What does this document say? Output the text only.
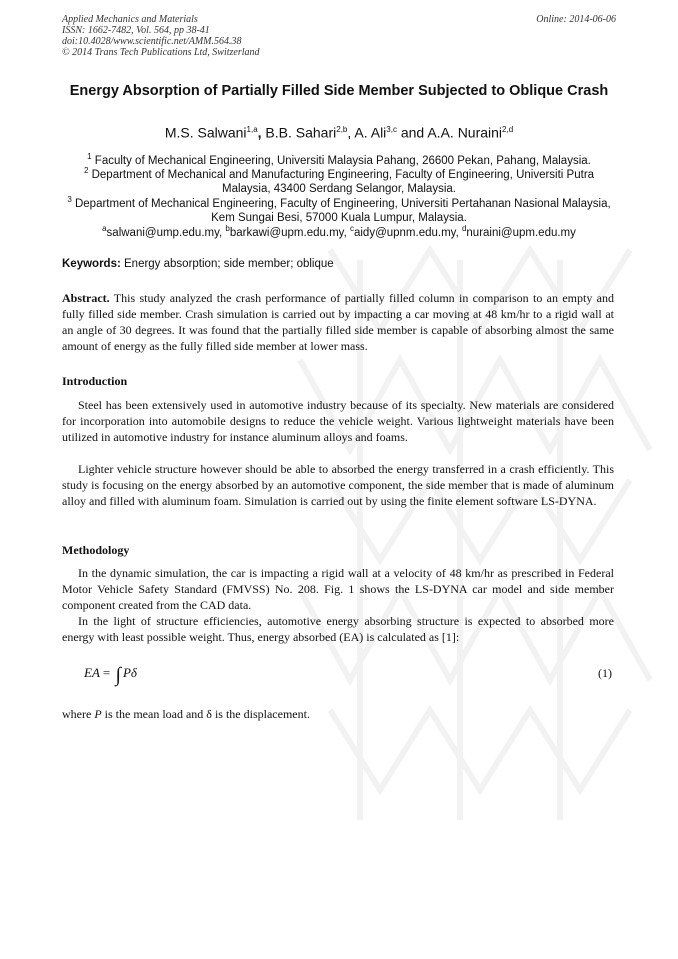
Applied Mechanics and Materials
ISSN: 1662-7482, Vol. 564, pp 38-41
doi:10.4028/www.scientific.net/AMM.564.38
© 2014 Trans Tech Publications Ltd, Switzerland
Online: 2014-06-06
Energy Absorption of Partially Filled Side Member Subjected to Oblique Crash
M.S. Salwani$^{1,a}$, B.B. Sahari$^{2,b}$, A. Ali$^{3,c}$ and A.A. Nuraini$^{2,d}$
$^1$ Faculty of Mechanical Engineering, Universiti Malaysia Pahang, 26600 Pekan, Pahang, Malaysia.
$^2$ Department of Mechanical and Manufacturing Engineering, Faculty of Engineering, Universiti Putra Malaysia, 43400 Serdang Selangor, Malaysia.
$^3$ Department of Mechanical Engineering, Faculty of Engineering, Universiti Pertahanan Nasional Malaysia, Kem Sungai Besi, 57000 Kuala Lumpur, Malaysia.
$^a$salwani@ump.edu.my, $^b$barkawi@upm.edu.my, $^c$aidy@upnm.edu.my, $^d$nuraini@upm.edu.my
Keywords: Energy absorption; side member; oblique
Abstract. This study analyzed the crash performance of partially filled column in comparison to an empty and fully filled side member. Crash simulation is carried out by impacting a car moving at 48 km/hr to a rigid wall at an angle of 30 degrees. It was found that the partially filled side member is capable of absorbing almost the same amount of energy as the fully filled side member at lower mass.
Introduction
Steel has been extensively used in automotive industry because of its specialty. New materials are considered for incorporation into automobile designs to reduce the vehicle weight. Various lightweight materials have been utilized in automotive industry for instance aluminum alloys and foams.
Lighter vehicle structure however should be able to absorbed the energy transferred in a crash efficiently. This study is focusing on the energy absorbed by an automotive component, the side member that is made of aluminum alloy and filled with aluminum foam. Simulation is carried out by using the finite element software LS-DYNA.
Methodology
In the dynamic simulation, the car is impacting a rigid wall at a velocity of 48 km/hr as prescribed in Federal Motor Vehicle Safety Standard (FMVSS) No. 208. Fig. 1 shows the LS-DYNA car model and side member component created from the CAD data.
In the light of structure efficiencies, automotive energy absorbing structure is expected to absorbed more energy with least possible weight. Thus, energy absorbed (EA) is calculated as [1]:
EA = ∫ Pδ	(1)
where P is the mean load and δ is the displacement.
